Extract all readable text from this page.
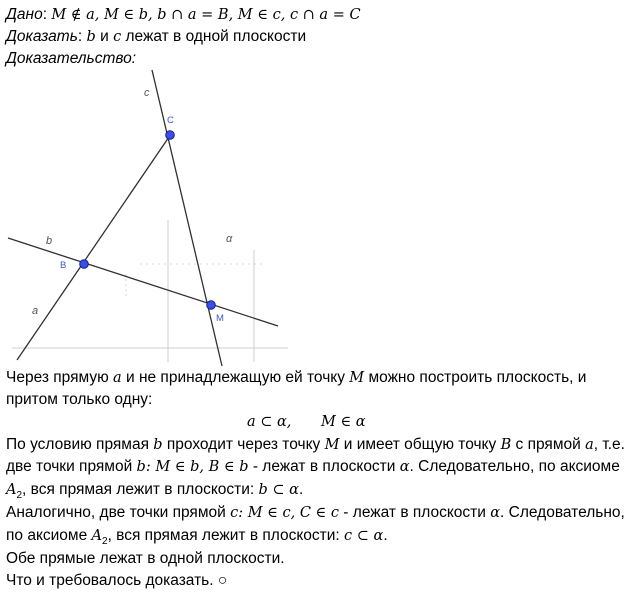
Дано: M ∉ a, M ∈ b, b ∩ a = B, M ∈ c, c ∩ a = C
Доказать: b и c лежат в одной плоскости
Доказательство:
c
b
a
α
C
B
M
Через прямую a и не принадлежащую ей точку M можно построить плоскость, и
притом только одну:
a ⊂ α, M ∈ α
По условию прямая b проходит через точку M и имеет общую точку B с прямой a, т.е.
две точки прямой b: M ∈ b, B ∈ b - лежат в плоскости α. Следовательно, по аксиоме
$A_2$, вся прямая лежит в плоскости: b ⊂ α.
Аналогично, две точки прямой c: M ∈ c, C ∈ c - лежат в плоскости α. Следовательно,
по аксиоме $A_2$, вся прямая лежит в плоскости: c ⊂ α.
Обе прямые лежат в одной плоскости.
Что и требовалось доказать. ○
